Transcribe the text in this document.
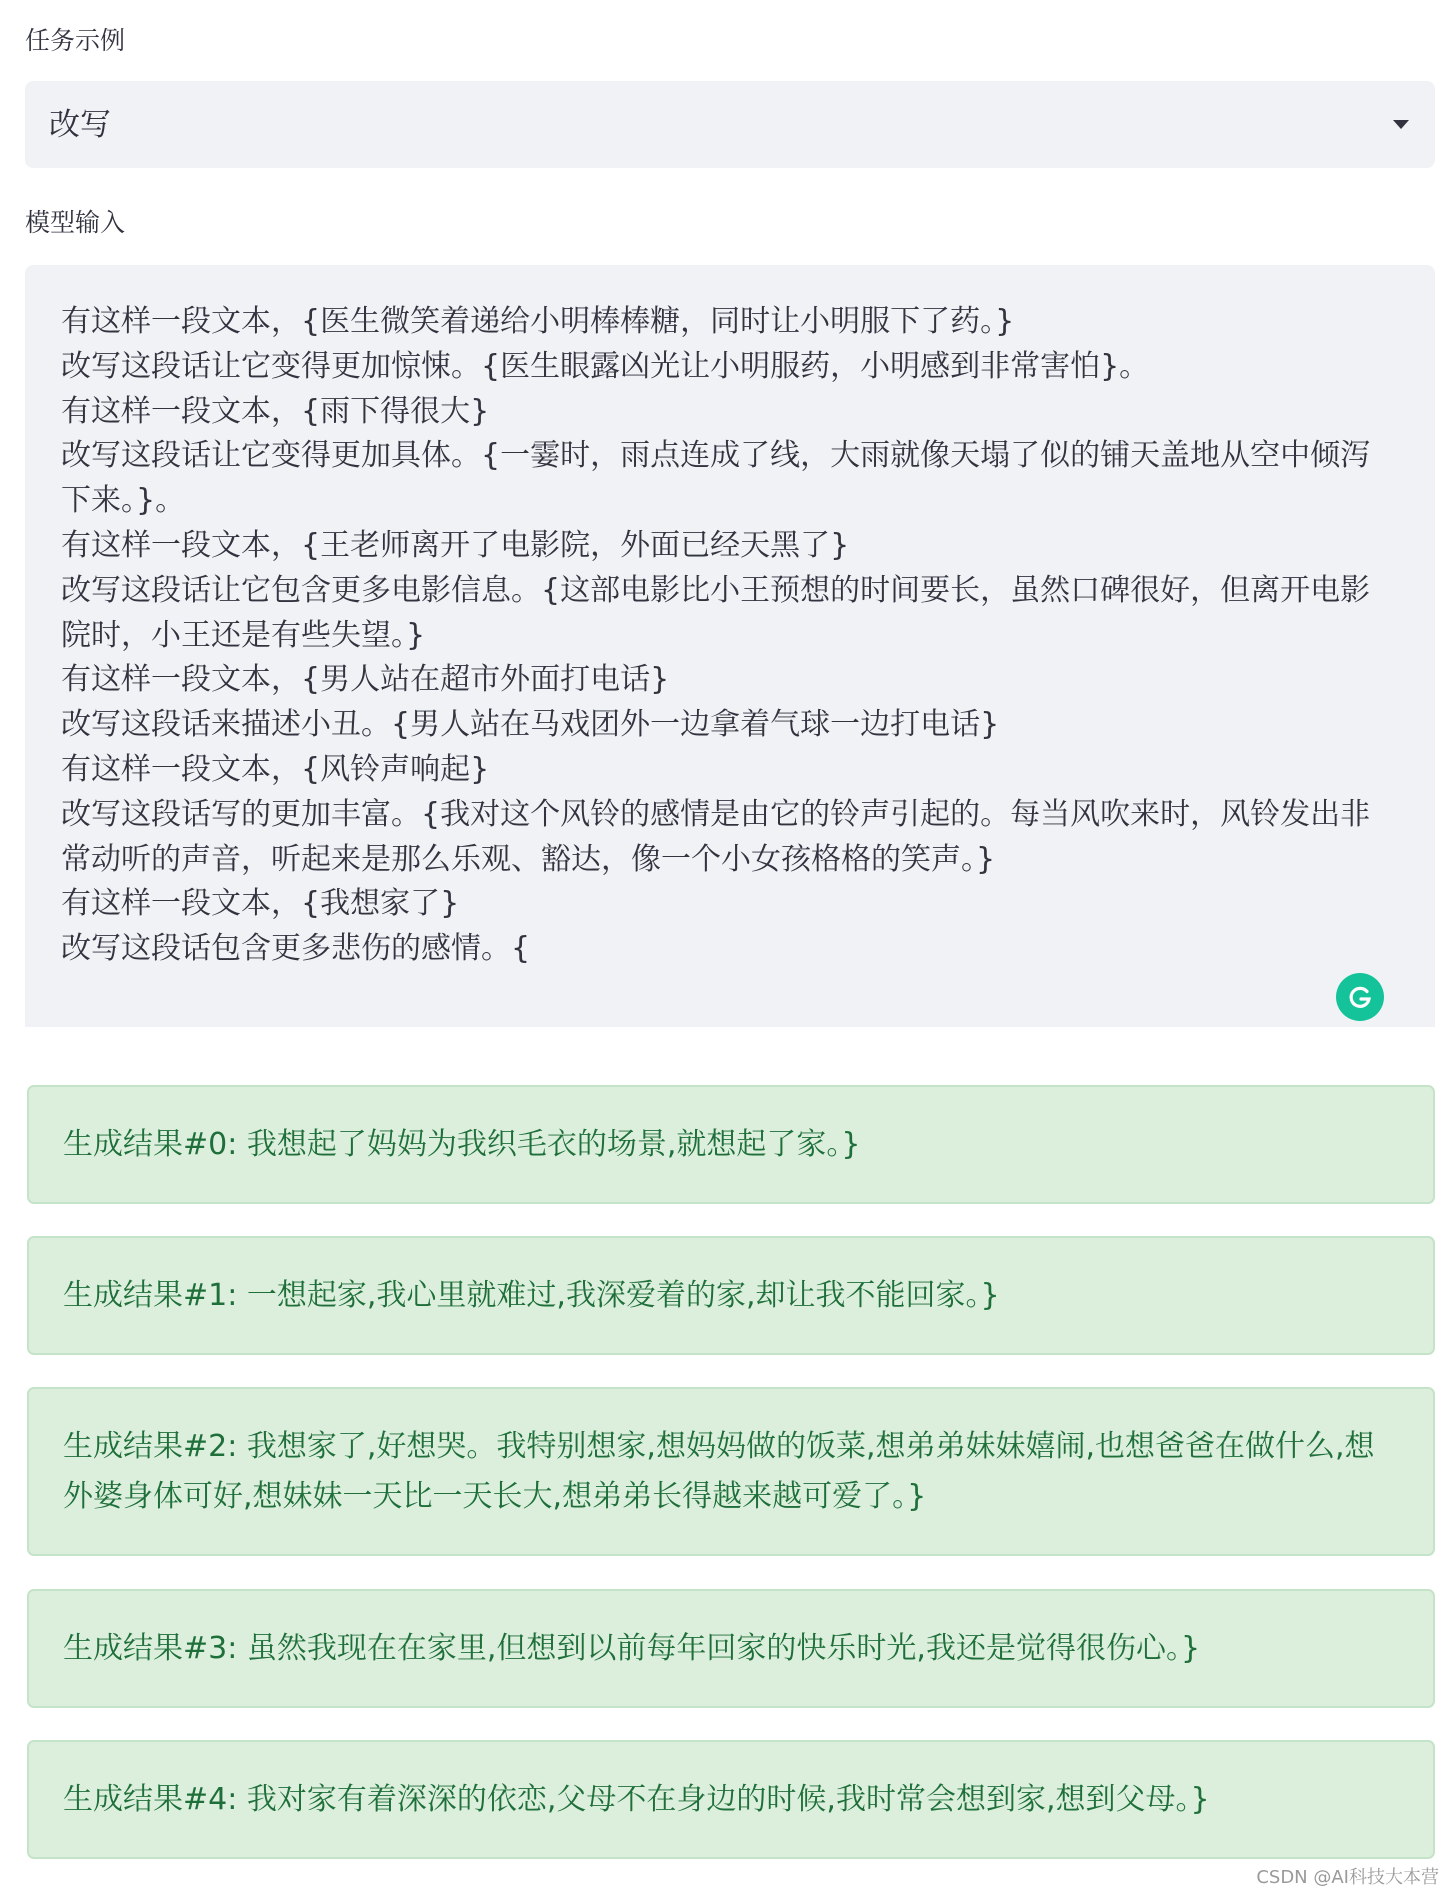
任务示例
改写
模型输入
有这样一段文本，{医生微笑着递给小明棒棒糖，同时让小明服下了药。}
改写这段话让它变得更加惊悚。{医生眼露凶光让小明服药，小明感到非常害怕}。
有这样一段文本，{雨下得很大}
改写这段话让它变得更加具体。{一霎时，雨点连成了线，大雨就像天塌了似的铺天盖地从空中倾泻下来。}。
有这样一段文本，{王老师离开了电影院，外面已经天黑了}
改写这段话让它包含更多电影信息。{这部电影比小王预想的时间要长，虽然口碑很好，但离开电影院时，小王还是有些失望。}
有这样一段文本，{男人站在超市外面打电话}
改写这段话来描述小丑。{男人站在马戏团外一边拿着气球一边打电话}
有这样一段文本，{风铃声响起}
改写这段话写的更加丰富。{我对这个风铃的感情是由它的铃声引起的。每当风吹来时，风铃发出非常动听的声音，听起来是那么乐观、豁达，像一个小女孩格格的笑声。}
有这样一段文本，{我想家了}
改写这段话包含更多悲伤的感情。{
生成结果#0: 我想起了妈妈为我织毛衣的场景,就想起了家。}
生成结果#1: 一想起家,我心里就难过,我深爱着的家,却让我不能回家。}
生成结果#2: 我想家了,好想哭。我特别想家,想妈妈做的饭菜,想弟弟妹妹嬉闹,也想爸爸在做什么,想外婆身体可好,想妹妹一天比一天长大,想弟弟长得越来越可爱了。}
生成结果#3: 虽然我现在在家里,但想到以前每年回家的快乐时光,我还是觉得很伤心。}
生成结果#4: 我对家有着深深的依恋,父母不在身边的时候,我时常会想到家,想到父母。}
CSDN @AI科技大本营
